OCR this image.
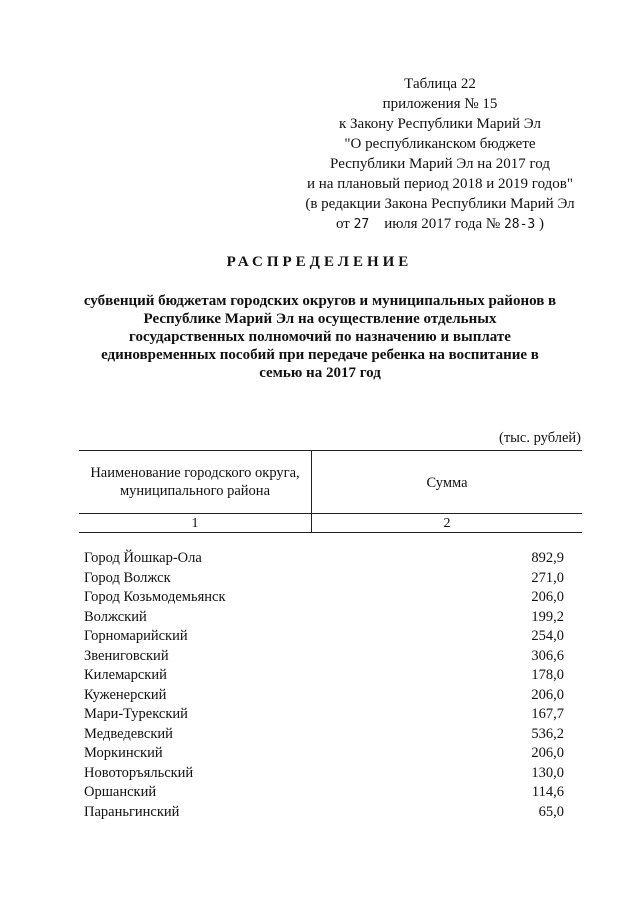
Таблица 22
приложения № 15
к Закону Республики Марий Эл
"О республиканском бюджете
Республики Марий Эл на 2017 год
и на плановый период 2018 и 2019 годов"
(в редакции Закона Республики Марий Эл
от 27 июля 2017 года № 28-З )
РАСПРЕДЕЛЕНИЕ
субвенций бюджетам городских округов и муниципальных районов в
Республике Марий Эл на осуществление отдельных
государственных полномочий по назначению и выплате
единовременных пособий при передаче ребенка на воспитание в
семью на 2017 год
(тыс. рублей)
Наименование городского округа,
муниципального района	Сумма
1	2
Город Йошкар-Ола	892,9
Город Волжск	271,0
Город Козьмодемьянск	206,0
Волжский	199,2
Горномарийский	254,0
Звениговский	306,6
Килемарский	178,0
Куженерский	206,0
Мари-Турекский	167,7
Медведевский	536,2
Моркинский	206,0
Новоторъяльский	130,0
Оршанский	114,6
Параньгинский	65,0
